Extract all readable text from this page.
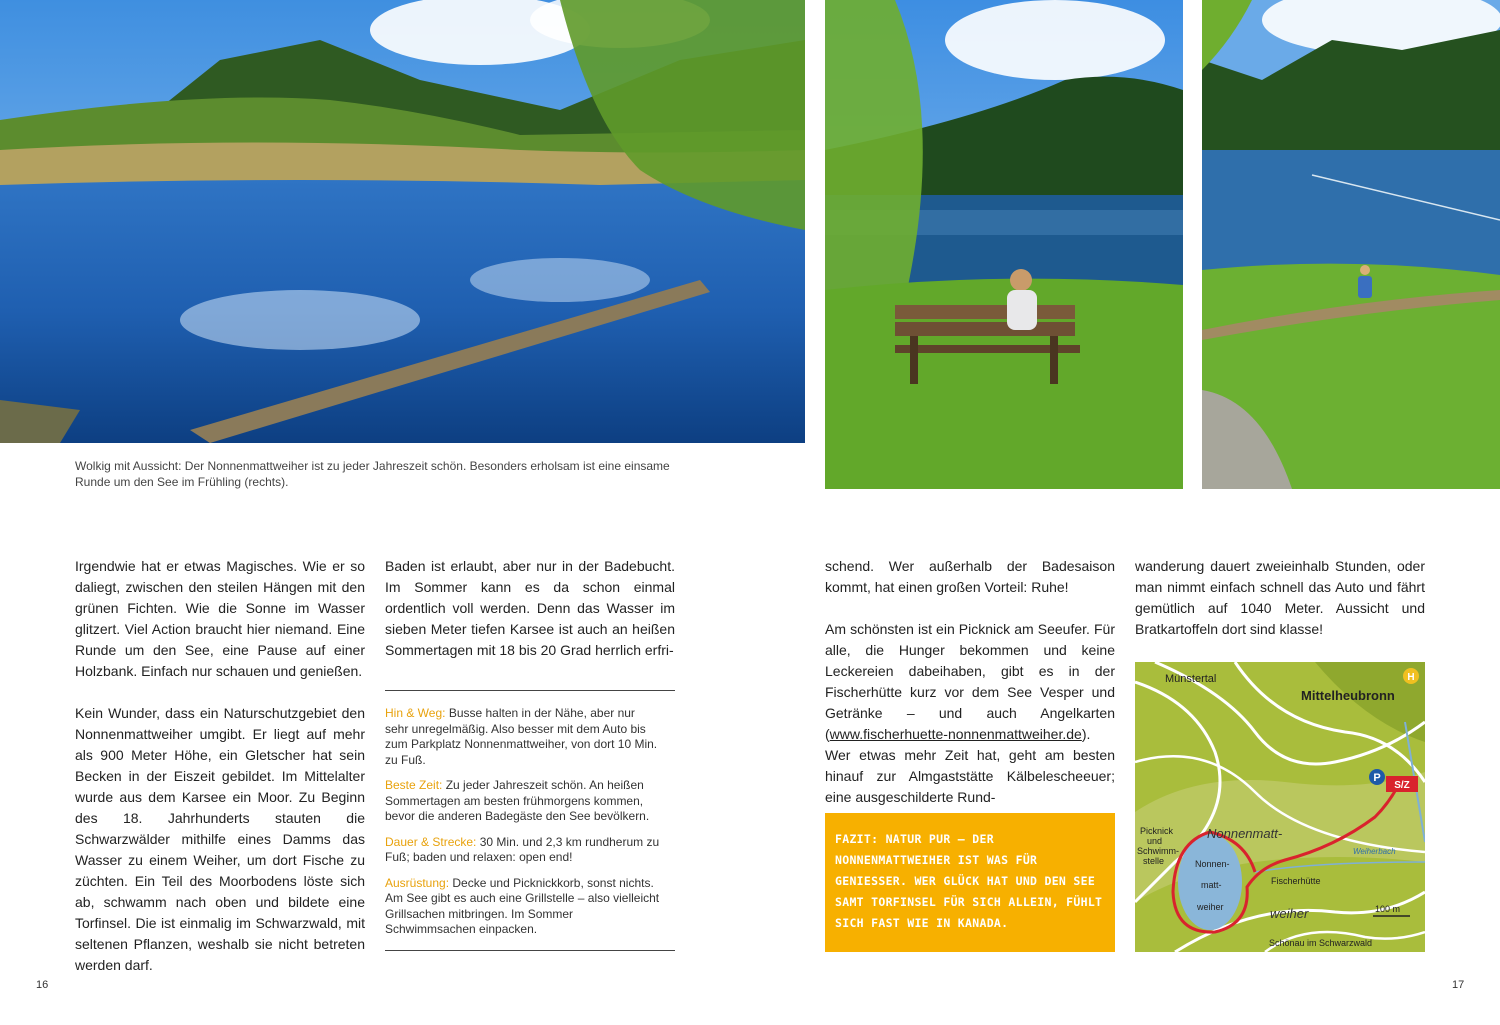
Wolkig mit Aussicht: Der Nonnenmattweiher ist zu jeder Jahreszeit schön. Besonders erholsam ist eine einsame
Runde um den See im Frühling (rechts).

Irgendwie hat er etwas Magisches. Wie er so daliegt, zwischen den steilen Hängen mit den grünen Fichten. Wie die Sonne im Wasser glitzert. Viel Action braucht hier niemand. Eine Runde um den See, eine Pause auf einer Holzbank. Einfach nur schauen und genießen.

Kein Wunder, dass ein Naturschutzgebiet den Nonnenmattweiher umgibt. Er liegt auf mehr als 900 Meter Höhe, ein Gletscher hat sein Becken in der Eiszeit gebildet. Im Mittelalter wurde aus dem Karsee ein Moor. Zu Beginn des 18. Jahrhunderts stauten die Schwarzwälder mithilfe eines Damms das Wasser zu einem Weiher, um dort Fische zu züchten. Ein Teil des Moorbodens löste sich ab, schwamm nach oben und bildete eine Torfinsel. Die ist einmalig im Schwarzwald, mit seltenen Pflanzen, weshalb sie nicht betreten werden darf.

Baden ist erlaubt, aber nur in der Badebucht. Im Sommer kann es da schon einmal ordentlich voll werden. Denn das Wasser im sieben Meter tiefen Karsee ist auch an heißen Sommertagen mit 18 bis 20 Grad herrlich erfri-

Hin & Weg: Busse halten in der Nähe, aber nur sehr unregelmäßig. Also besser mit dem Auto bis zum Parkplatz Nonnenmattweiher, von dort 10 Min. zu Fuß.
Beste Zeit: Zu jeder Jahreszeit schön. An heißen Sommertagen am besten frühmorgens kommen, bevor die anderen Badegäste den See bevölkern.
Dauer & Strecke: 30 Min. und 2,3 km rundherum zu Fuß; baden und relaxen: open end!
Ausrüstung: Decke und Picknickkorb, sonst nichts. Am See gibt es auch eine Grillstelle – also vielleicht Grillsachen mitbringen. Im Sommer Schwimmsachen einpacken.

schend. Wer außerhalb der Badesaison kommt, hat einen großen Vorteil: Ruhe!

Am schönsten ist ein Picknick am Seeufer. Für alle, die Hunger bekommen und keine Leckereien dabeihaben, gibt es in der Fischerhütte kurz vor dem See Vesper und Getränke – und auch Angelkarten (www.fischerhuette-nonnenmattweiher.de). Wer etwas mehr Zeit hat, geht am besten hinauf zur Almgaststätte Kälbeleschееuer; eine ausgeschilderte Rund-

FAZIT: NATUR PUR – DER NONNENMATTWEIHER IST WAS FÜR GENIESSER. WER GLÜCK HAT UND DEN SEE SAMT TORFINSEL FÜR SICH ALLEIN, FÜHLT SICH FAST WIE IN KANADA.

wanderung dauert zweieinhalb Stunden, oder man nimmt einfach schnell das Auto und fährt gemütlich auf 1040 Meter. Aussicht und Bratkartoffeln dort sind klasse!

P
S/Z
H
Münstertal
Mittelheubronn
Nonnenmatt-
weiher
Picknick
und
Schwimm-
stelle	Nonnen-
matt-
weiher
Weiherbach
Fischerhütte
100 m
Schönau im Schwarzwald
16	17
